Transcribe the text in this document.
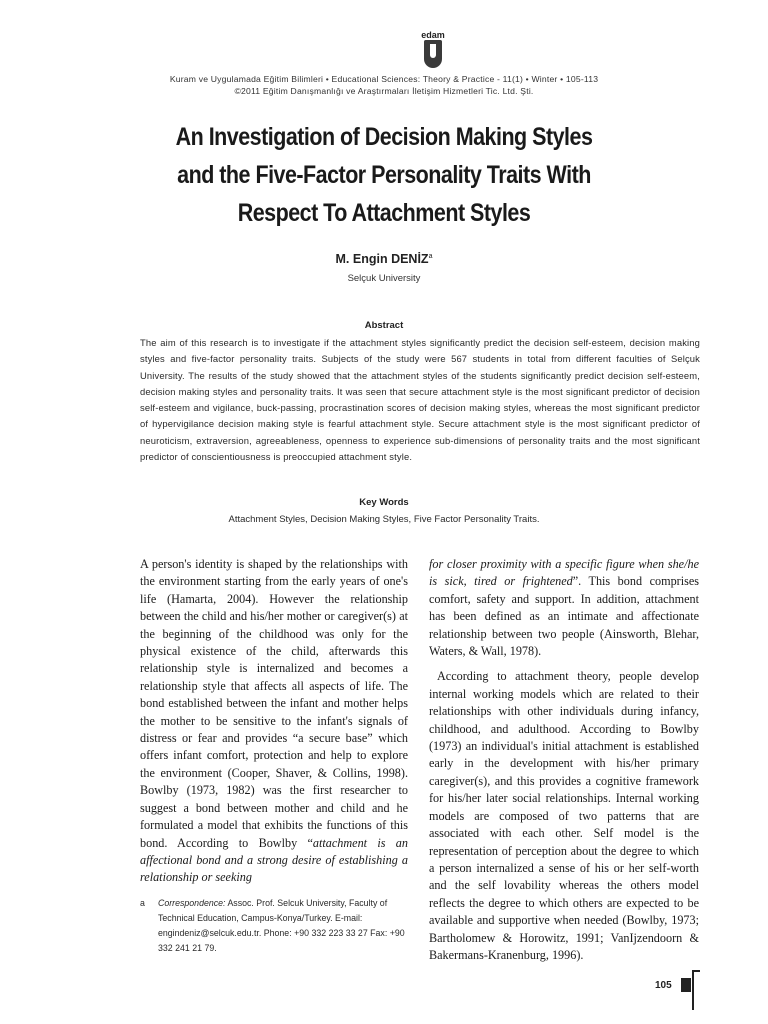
edam
Kuram ve Uygulamada Eğitim Bilimleri • Educational Sciences: Theory & Practice - 11(1) • Winter • 105-113
©2011 Eğitim Danışmanlığı ve Araştırmaları İletişim Hizmetleri Tic. Ltd. Şti.
An Investigation of Decision Making Styles and the Five-Factor Personality Traits With Respect To Attachment Styles
M. Engin DENİZ$^a$
Selçuk University
Abstract
The aim of this research is to investigate if the attachment styles significantly predict the decision self-esteem, decision making styles and five-factor personality traits. Subjects of the study were 567 students in total from different faculties of Selçuk University. The results of the study showed that the attachment styles of the students significantly predict decision self-esteem, decision making styles and personality traits. It was seen that secure attachment style is the most significant predictor of decision self-esteem and vigilance, buck-passing, procrastination scores of decision making styles, whereas the most significant predictor of hypervigilance decision making style is fearful attachment style. Secure attachment style is the most significant predictor of neuroticism, extraversion, agreeableness, openness to experience sub-dimensions of personality traits and the most significant predictor of conscientiousness is preoccupied attachment style.
Key Words
Attachment Styles, Decision Making Styles, Five Factor Personality Traits.

A person's identity is shaped by the relationships with the environment starting from the early years of one's life (Hamarta, 2004). However the relationship between the child and his/her mother or caregiver(s) at the beginning of the childhood was only for the physical existence of the child, afterwards this relationship style is internalized and becomes a relationship style that affects all aspects of life. The bond established between the infant and mother helps the mother to be sensitive to the infant's signals of distress or fear and provides “a secure base” which offers infant comfort, protection and help to explore the environment (Cooper, Shaver, & Collins, 1998). Bowlby (1973, 1982) was the first researcher to suggest a bond between mother and child and he formulated a model that exhibits the functions of this bond. According to Bowlby “attachment is an affectional bond and a strong desire of establishing a relationship or seeking

for closer proximity with a specific figure when she/he is sick, tired or frightened”. This bond comprises comfort, safety and support. In addition, attachment has been defined as an intimate and affectionate relationship between two people (Ainsworth, Blehar, Waters, & Wall, 1978).

According to attachment theory, people develop internal working models which are related to their relationships with other individuals during infancy, childhood, and adulthood. According to Bowlby (1973) an individual's initial attachment is established early in the development with his/her primary caregiver(s), and this provides a cognitive framework for his/her later social relationships. Internal working models are composed of two patterns that are associated with each other. Self model is the representation of perception about the degree to which a person internalized a sense of his or her self-worth and the self lovability whereas the others model reflects the degree to which others are expected to be available and supportive when needed (Bowlby, 1973; Bartholomew & Horowitz, 1991; VanIjzendoorn & Bakermans-Kranenburg, 1996).

a Correspondence: Assoc. Prof. Selcuk University, Faculty of Technical Education, Campus-Konya/Turkey. E-mail: engindeniz@selcuk.edu.tr. Phone: +90 332 223 33 27 Fax: +90 332 241 21 79.
105
